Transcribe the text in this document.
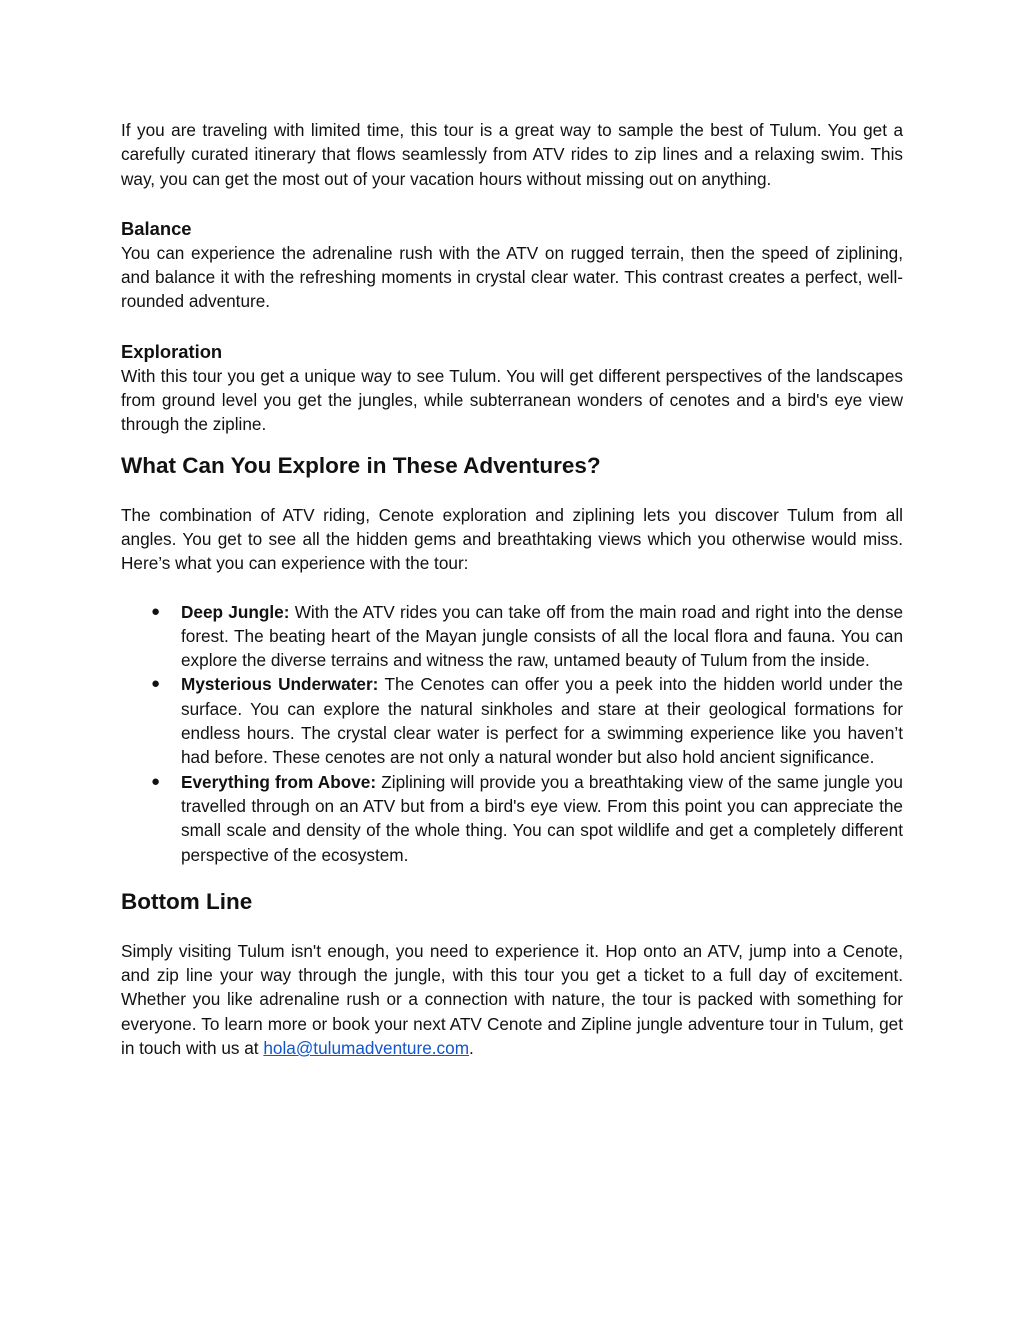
If you are traveling with limited time, this tour is a great way to sample the best of Tulum. You get a carefully curated itinerary that flows seamlessly from ATV rides to zip lines and a relaxing swim. This way, you can get the most out of your vacation hours without missing out on anything.

Balance

You can experience the adrenaline rush with the ATV on rugged terrain, then the speed of ziplining, and balance it with the refreshing moments in crystal clear water. This contrast creates a perfect, well-rounded adventure.

Exploration

With this tour you get a unique way to see Tulum. You will get different perspectives of the landscapes from ground level you get the jungles, while subterranean wonders of cenotes and a bird's eye view through the zipline.

What Can You Explore in These Adventures?

The combination of ATV riding, Cenote exploration and ziplining lets you discover Tulum from all angles. You get to see all the hidden gems and breathtaking views which you otherwise would miss. Here’s what you can experience with the tour:

● Deep Jungle: With the ATV rides you can take off from the main road and right into the dense forest. The beating heart of the Mayan jungle consists of all the local flora and fauna. You can explore the diverse terrains and witness the raw, untamed beauty of Tulum from the inside.
● Mysterious Underwater: The Cenotes can offer you a peek into the hidden world under the surface. You can explore the natural sinkholes and stare at their geological formations for endless hours. The crystal clear water is perfect for a swimming experience like you haven’t had before. These cenotes are not only a natural wonder but also hold ancient significance.
● Everything from Above: Ziplining will provide you a breathtaking view of the same jungle you travelled through on an ATV but from a bird's eye view. From this point you can appreciate the small scale and density of the whole thing. You can spot wildlife and get a completely different perspective of the ecosystem.
Bottom Line

Simply visiting Tulum isn't enough, you need to experience it. Hop onto an ATV, jump into a Cenote, and zip line your way through the jungle, with this tour you get a ticket to a full day of excitement. Whether you like adrenaline rush or a connection with nature, the tour is packed with something for everyone. To learn more or book your next ATV Cenote and Zipline jungle adventure tour in Tulum, get in touch with us at hola@tulumadventure.com.
